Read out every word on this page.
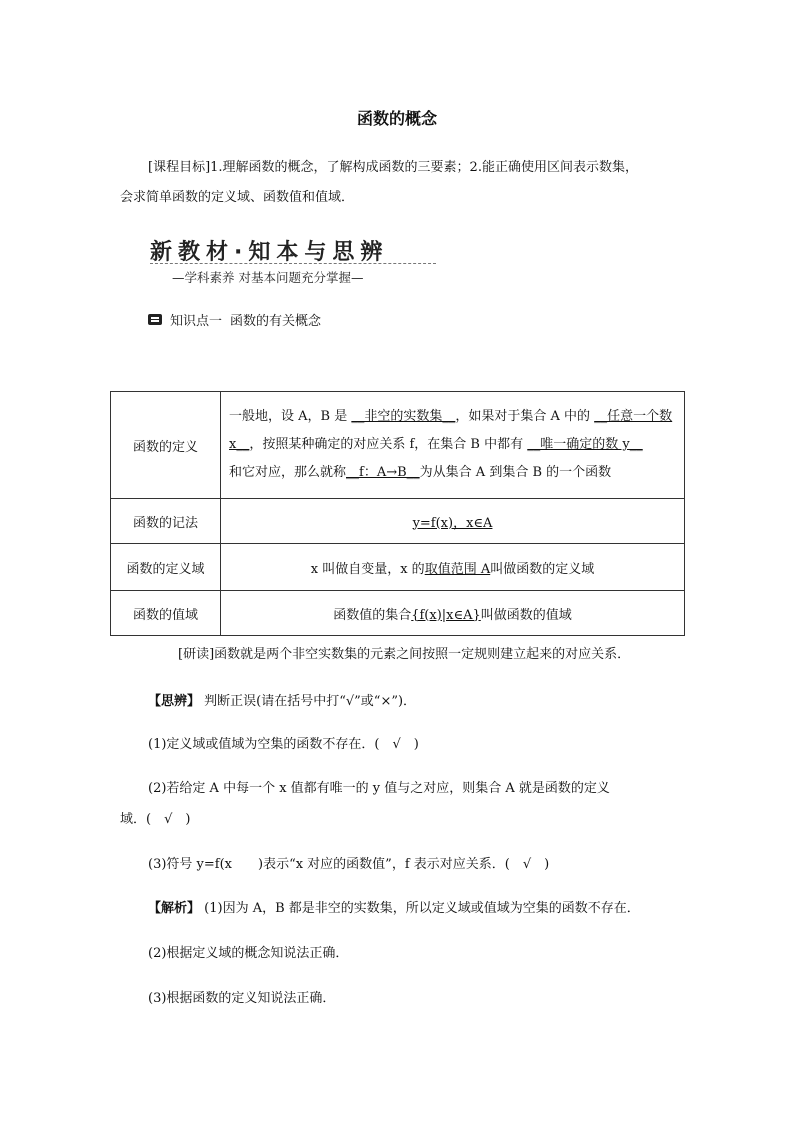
函数的概念
[课程目标]1.理解函数的概念，了解构成函数的三要素；2.能正确使用区间表示数集，
会求简单函数的定义域、函数值和值域．
新教材·知本与思辨
—学科素养 对基本问题充分掌握—
知识点一 函数的有关概念
函数的定义	一般地，设 A，B 是 __非空的实数集__，如果对于集合 A 中的 __任意一个数 x__，按照某种确定的对应关系 f，在集合 B 中都有 __唯一确定的数 y__
和它对应，那么就称__f：A→B__为从集合 A 到集合 B 的一个函数
函数的记法	y=f(x)，x∈A
函数的定义域	x 叫做自变量，x 的取值范围 A叫做函数的定义域
函数的值域	函数值的集合{f(x)|x∈A}叫做函数的值域
[研读]函数就是两个非空实数集的元素之间按照一定规则建立起来的对应关系．
【思辨】 判断正误(请在括号中打“√”或“×”)．
(1)定义域或值域为空集的函数不存在．(　√　)
(2)若给定 A 中每一个 x 值都有唯一的 y 值与之对应，则集合 A 就是函数的定义
域．(　√　)
(3)符号 y=f(x　　)表示“x 对应的函数值”，f 表示对应关系．(　√　)
【解析】 (1)因为 A，B 都是非空的实数集，所以定义域或值域为空集的函数不存在．
(2)根据定义域的概念知说法正确．
(3)根据函数的定义知说法正确．
